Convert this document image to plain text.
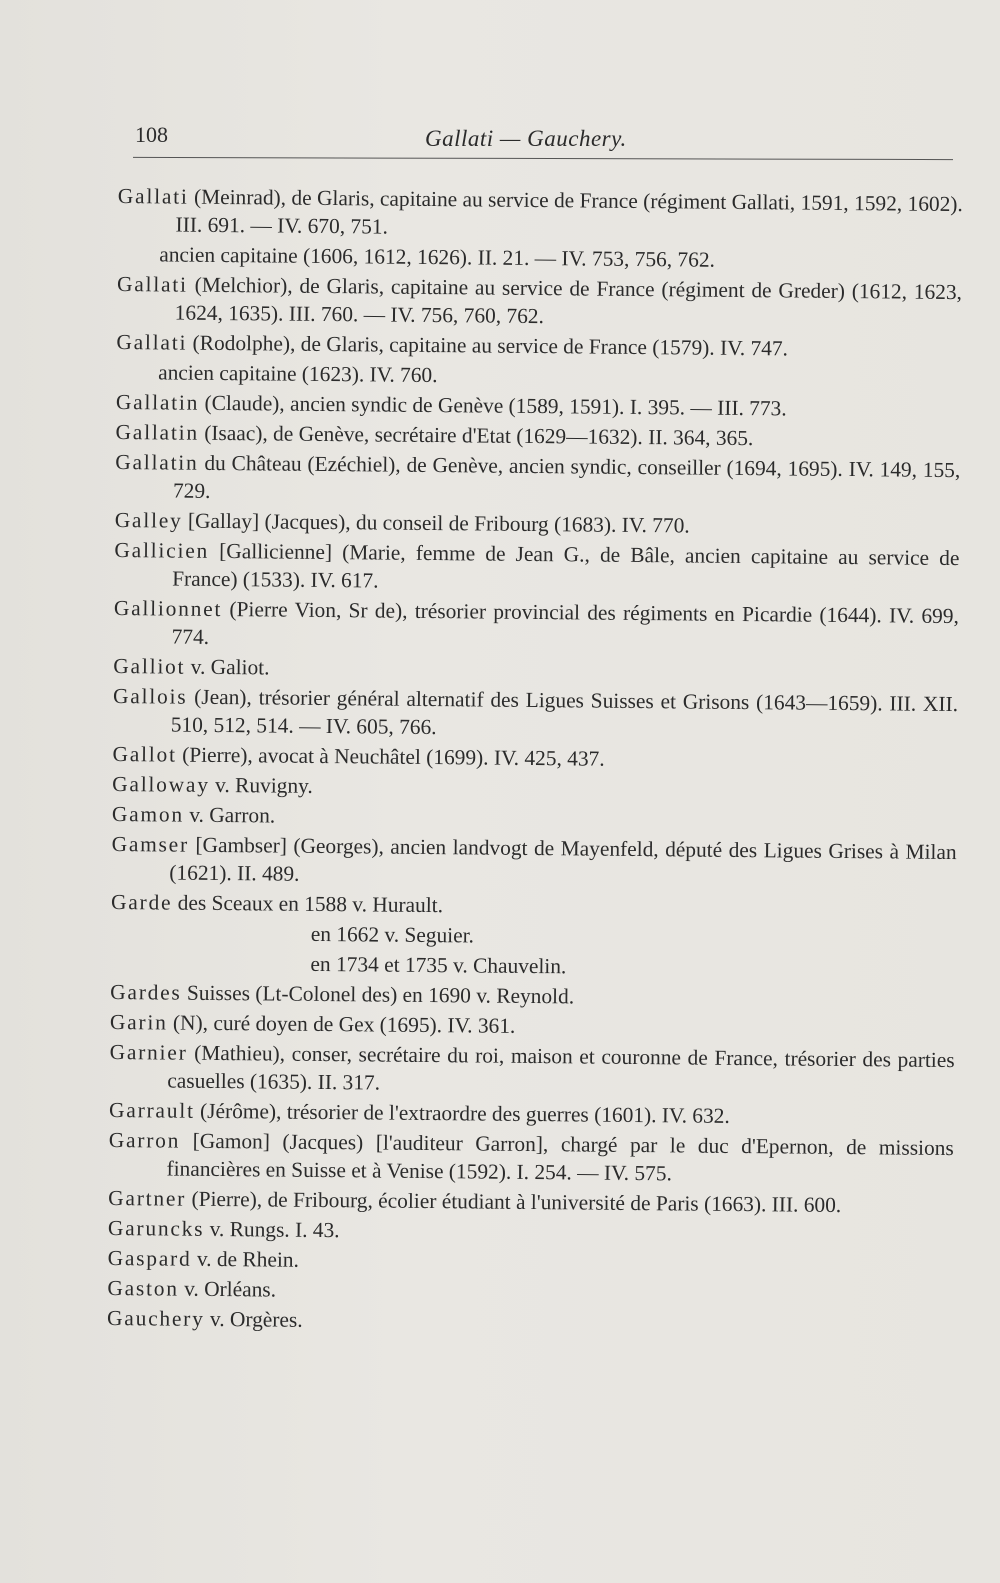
108	Gallati — Gauchery.
Gallati (Meinrad), de Glaris, capitaine au service de France (régiment Gallati, 1591, 1592, 1602). III. 691. — IV. 670, 751.
ancien capitaine (1606, 1612, 1626). II. 21. — IV. 753, 756, 762.
Gallati (Melchior), de Glaris, capitaine au service de France (régiment de Greder) (1612, 1623, 1624, 1635). III. 760. — IV. 756, 760, 762.
Gallati (Rodolphe), de Glaris, capitaine au service de France (1579). IV. 747.
ancien capitaine (1623). IV. 760.
Gallatin (Claude), ancien syndic de Genève (1589, 1591). I. 395. — III. 773.
Gallatin (Isaac), de Genève, secrétaire d'Etat (1629—1632). II. 364, 365.
Gallatin du Château (Ezéchiel), de Genève, ancien syndic, conseiller (1694, 1695). IV. 149, 155, 729.
Galley [Gallay] (Jacques), du conseil de Fribourg (1683). IV. 770.
Gallicien [Gallicienne] (Marie, femme de Jean G., de Bâle, ancien capitaine au service de France) (1533). IV. 617.
Gallionnet (Pierre Vion, Sr de), trésorier provincial des régiments en Picardie (1644). IV. 699, 774.
Galliot v. Galiot.
Gallois (Jean), trésorier général alternatif des Ligues Suisses et Grisons (1643—1659). III. XII. 510, 512, 514. — IV. 605, 766.
Gallot (Pierre), avocat à Neuchâtel (1699). IV. 425, 437.
Galloway v. Ruvigny.
Gamon v. Garron.
Gamser [Gambser] (Georges), ancien landvogt de Mayenfeld, député des Ligues Grises à Milan (1621). II. 489.
Garde des Sceaux en 1588 v. Hurault.
en 1662 v. Seguier.
en 1734 et 1735 v. Chauvelin.
Gardes Suisses (Lt-Colonel des) en 1690 v. Reynold.
Garin (N), curé doyen de Gex (1695). IV. 361.
Garnier (Mathieu), conser, secrétaire du roi, maison et couronne de France, trésorier des parties casuelles (1635). II. 317.
Garrault (Jérôme), trésorier de l'extraordre des guerres (1601). IV. 632.
Garron [Gamon] (Jacques) [l'auditeur Garron], chargé par le duc d'Epernon, de missions financières en Suisse et à Venise (1592). I. 254. — IV. 575.
Gartner (Pierre), de Fribourg, écolier étudiant à l'université de Paris (1663). III. 600.
Garuncks v. Rungs. I. 43.
Gaspard v. de Rhein.
Gaston v. Orléans.
Gauchery v. Orgères.
